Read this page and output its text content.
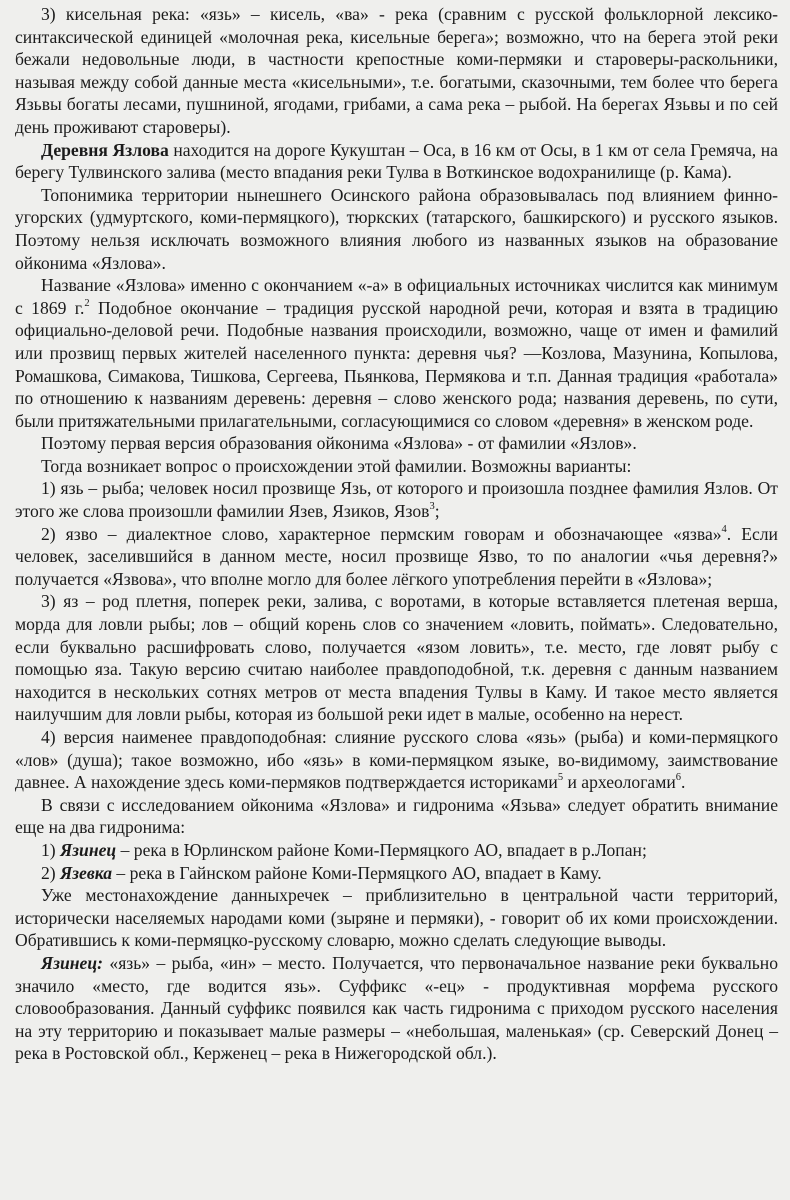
3) кисельная река: «язь» – кисель, «ва» - река (сравним с русской фольклорной лексико-синтаксической единицей «молочная река, кисельные берега»; возможно, что на берега этой реки бежали недовольные люди, в частности крепостные коми-пермяки и староверы-раскольники, называя между собой данные места «кисельными», т.е. богатыми, сказочными, тем более что берега Язьвы богаты лесами, пушниной, ягодами, грибами, а сама река – рыбой. На берегах Язьвы и по сей день проживают староверы).

Деревня Язлова находится на дороге Кукуштан – Оса, в 16 км от Осы, в 1 км от села Гремяча, на берегу Тулвинского залива (место впадания реки Тулва в Воткинское водохранилище (р. Кама).

Топонимика территории нынешнего Осинского района образовывалась под влиянием финно-угорских (удмуртского, коми-пермяцкого), тюркских (татарского, башкирского) и русского языков. Поэтому нельзя исключать возможного влияния любого из названных языков на образование ойконима «Язлова».

Название «Язлова» именно с окончанием «-а» в официальных источниках числится как минимум с 1869 г.$^2$ Подобное окончание – традиция русской народной речи, которая и взята в традицию официально-деловой речи. Подобные названия происходили, возможно, чаще от имен и фамилий или прозвищ первых жителей населенного пункта: деревня чья? —Козлова, Мазунина, Копылова, Ромашкова, Симакова, Тишкова, Сергеева, Пьянкова, Пермякова и т.п. Данная традиция «работала» по отношению к названиям деревень: деревня – слово женского рода; названия деревень, по сути, были притяжательными прилагательными, согласующимися со словом «деревня» в женском роде.

Поэтому первая версия образования ойконима «Язлова» - от фамилии «Язлов».

Тогда возникает вопрос о происхождении этой фамилии. Возможны варианты:

1) язь – рыба; человек носил прозвище Язь, от которого и произошла позднее фамилия Язлов. От этого же слова произошли фамилии Язев, Язиков, Язов$^3$;

2) язво – диалектное слово, характерное пермским говорам и обозначающее «язва»$^4$. Если человек, заселившийся в данном месте, носил прозвище Язво, то по аналогии «чья деревня?» получается «Язвова», что вполне могло для более лёгкого употребления перейти в «Язлова»;

3) яз – род плетня, поперек реки, залива, с воротами, в которые вставляется плетеная верша, морда для ловли рыбы; лов – общий корень слов со значением «ловить, поймать». Следовательно, если буквально расшифровать слово, получается «язом ловить», т.е. место, где ловят рыбу с помощью яза. Такую версию считаю наиболее правдоподобной, т.к. деревня с данным названием находится в нескольких сотнях метров от места впадения Тулвы в Каму. И такое место является наилучшим для ловли рыбы, которая из большой реки идет в малые, особенно на нерест.

4) версия наименее правдоподобная: слияние русского слова «язь» (рыба) и коми-пермяцкого «лов» (душа); такое возможно, ибо «язь» в коми-пермяцком языке, во-видимому, заимствование давнее. А нахождение здесь коми-пермяков подтверждается историками$^5$ и археологами$^6$.

В связи с исследованием ойконима «Язлова» и гидронима «Язьва» следует обратить внимание еще на два гидронима:

1) Язинец – река в Юрлинском районе Коми-Пермяцкого АО, впадает в р.Лопан;

2) Язевка – река в Гайнском районе Коми-Пермяцкого АО, впадает в Каму.

Уже местонахождение данныхречек – приблизительно в центральной части территорий, исторически населяемых народами коми (зыряне и пермяки), - говорит об их коми происхождении. Обратившись к коми-пермяцко-русскому словарю, можно сделать следующие выводы.

Язинец: «язь» – рыба, «ин» – место. Получается, что первоначальное название реки буквально значило «место, где водится язь». Суффикс «-ец» - продуктивная морфема русского словообразования. Данный суффикс появился как часть гидронима с приходом русского населения на эту территорию и показывает малые размеры – «небольшая, маленькая» (ср. Северский Донец – река в Ростовской обл., Керженец – река в Нижегородской обл.).
